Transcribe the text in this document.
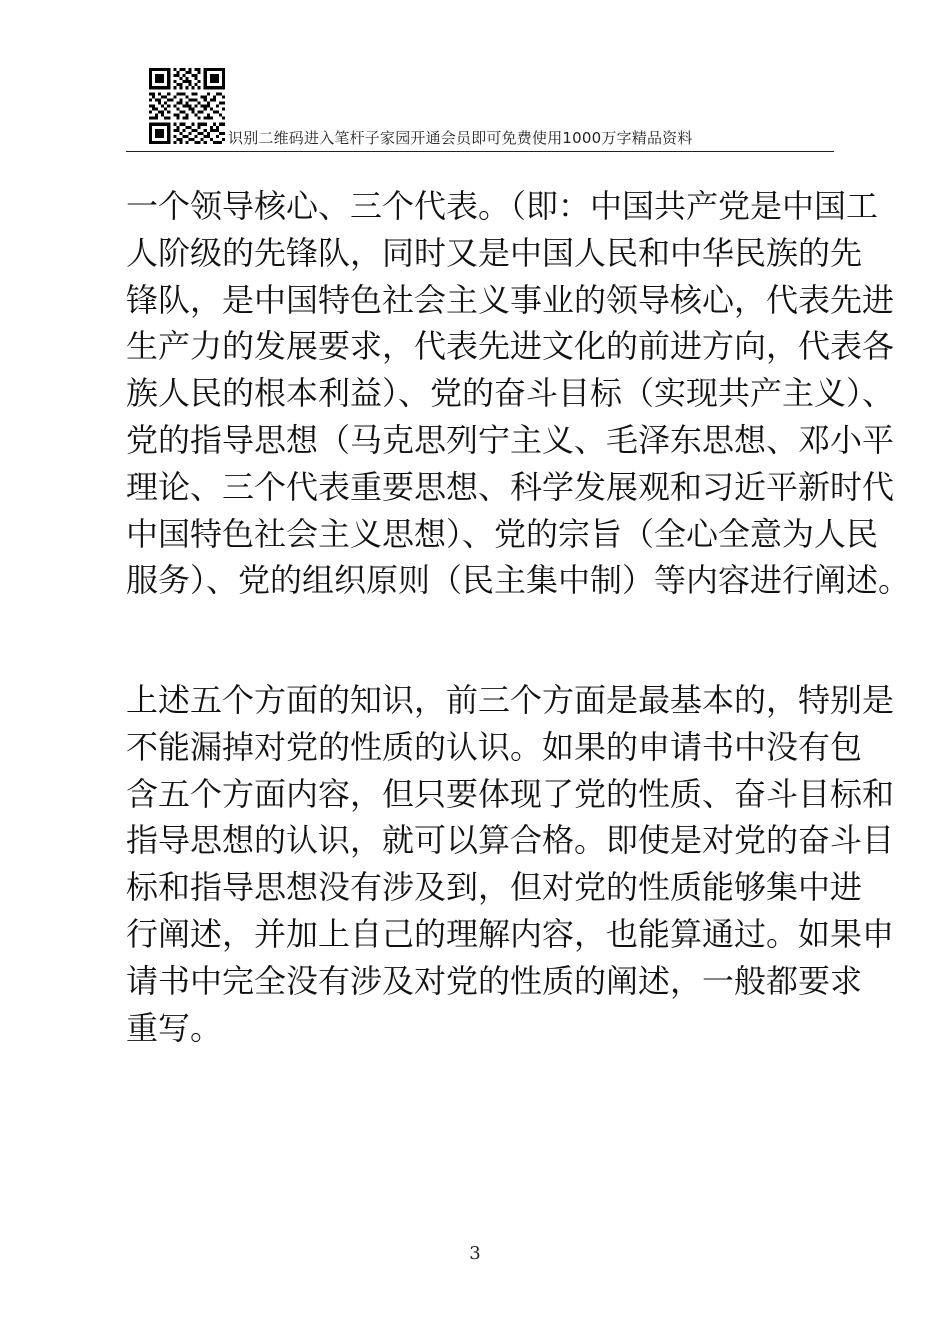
识别二维码进入笔杆子家园开通会员即可免费使用1000万字精品资料
一个领导核心、三个代表。（即：中国共产党是中国工
人阶级的先锋队，同时又是中国人民和中华民族的先
锋队，是中国特色社会主义事业的领导核心，代表先进
生产力的发展要求，代表先进文化的前进方向，代表各
族人民的根本利益）、党的奋斗目标（实现共产主义）、
党的指导思想（马克思列宁主义、毛泽东思想、邓小平
理论、三个代表重要思想、科学发展观和习近平新时代
中国特色社会主义思想）、党的宗旨（全心全意为人民
服务）、党的组织原则（民主集中制）等内容进行阐述。
上述五个方面的知识，前三个方面是最基本的，特别是
不能漏掉对党的性质的认识。如果的申请书中没有包
含五个方面内容，但只要体现了党的性质、奋斗目标和
指导思想的认识，就可以算合格。即使是对党的奋斗目
标和指导思想没有涉及到，但对党的性质能够集中进
行阐述，并加上自己的理解内容，也能算通过。如果申
请书中完全没有涉及对党的性质的阐述，一般都要求
重写。
3
